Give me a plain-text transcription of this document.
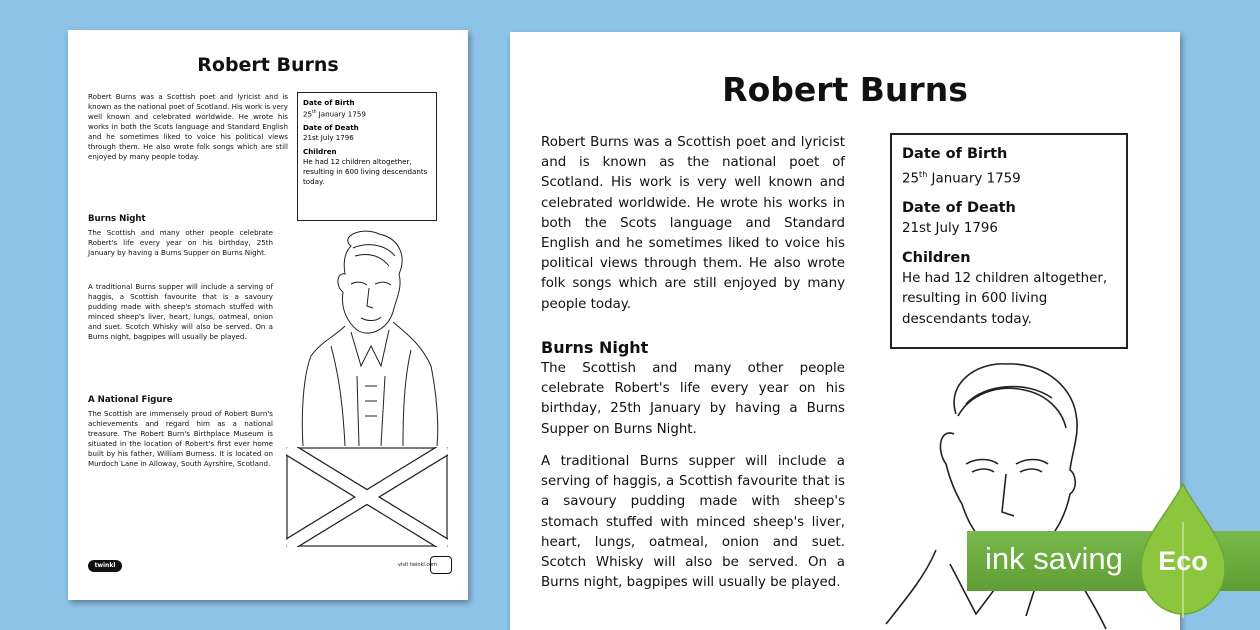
Robert Burns
Robert Burns was a Scottish poet and lyricist and is known as the national poet of Scotland. His work is very well known and celebrated worldwide. He wrote his works in both the Scots language and Standard English and he sometimes liked to voice his political views through them. He also wrote folk songs which are still enjoyed by many people today.
Date of Birth
25th January 1759
Date of Death
21st July 1796
Children
He had 12 children altogether, resulting in 600 living descendants today.
Burns Night
The Scottish and many other people celebrate Robert's life every year on his birthday, 25th January by having a Burns Supper on Burns Night.
A traditional Burns supper will include a serving of haggis, a Scottish favourite that is a savoury pudding made with sheep's stomach stuffed with minced sheep's liver, heart, lungs, oatmeal, onion and suet. Scotch Whisky will also be served. On a Burns night, bagpipes will usually be played.
A National Figure
The Scottish are immensely proud of Robert Burn's achievements and regard him as a national treasure. The Robert Burn's Birthplace Museum is situated in the location of Robert's first ever home built by his father, William Burness. It is located on Murdoch Lane in Alloway, South Ayrshire, Scotland.
twinkl	visit twinkl.com
Robert Burns
Robert Burns was a Scottish poet and lyricist and is known as the national poet of Scotland. His work is very well known and celebrated worldwide. He wrote his works in both the Scots language and Standard English and he sometimes liked to voice his political views through them. He also wrote folk songs which are still enjoyed by many people today.
Date of Birth
25th January 1759
Date of Death
21st July 1796
Children
He had 12 children altogether, resulting in 600 living descendants today.
Burns Night
The Scottish and many other people celebrate Robert's life every year on his birthday, 25th January by having a Burns Supper on Burns Night.
A traditional Burns supper will include a serving of haggis, a Scottish favourite that is a savoury pudding made with sheep's stomach stuffed with minced sheep's liver, heart, lungs, oatmeal, onion and suet. Scotch Whisky will also be served. On a Burns night, bagpipes will usually be played.
ink saving Eco
